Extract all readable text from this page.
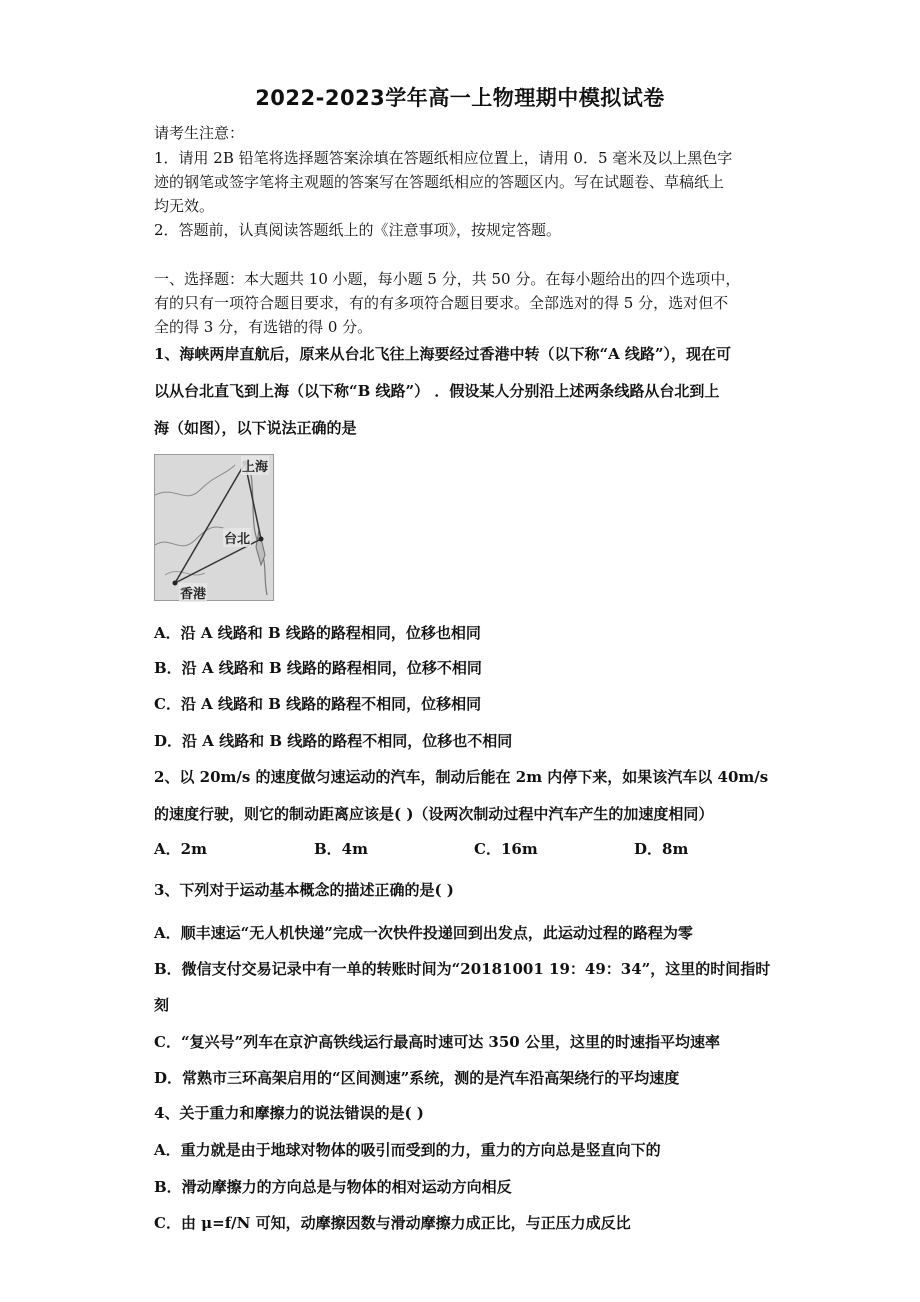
2022-2023学年高一上物理期中模拟试卷
请考生注意：
1．请用 2B 铅笔将选择题答案涂填在答题纸相应位置上，请用 0．5 毫米及以上黑色字
迹的钢笔或签字笔将主观题的答案写在答题纸相应的答题区内。写在试题卷、草稿纸上
均无效。
2．答题前，认真阅读答题纸上的《注意事项》，按规定答题。
一、选择题：本大题共 10 小题，每小题 5 分，共 50 分。在每小题给出的四个选项中，
有的只有一项符合题目要求，有的有多项符合题目要求。全部选对的得 5 分，选对但不
全的得 3 分，有选错的得 0 分。
1、海峡两岸直航后，原来从台北飞往上海要经过香港中转（以下称“A 线路”），现在可
以从台北直飞到上海（以下称“B 线路”） ．假设某人分别沿上述两条线路从台北到上
海（如图），以下说法正确的是
上海
台北
香港
A．沿 A 线路和 B 线路的路程相同，位移也相同
B．沿 A 线路和 B 线路的路程相同，位移不相同
C．沿 A 线路和 B 线路的路程不相同，位移相同
D．沿 A 线路和 B 线路的路程不相同，位移也不相同
2、以 20m/s 的速度做匀速运动的汽车，制动后能在 2m 内停下来，如果该汽车以 40m/s
的速度行驶，则它的制动距离应该是( )（设两次制动过程中汽车产生的加速度相同）
A．2m	B．4m	C．16m	D．8m
3、下列对于运动基本概念的描述正确的是( )
A．顺丰速运“无人机快递”完成一次快件投递回到出发点，此运动过程的路程为零
B．微信支付交易记录中有一单的转账时间为“20181001 19：49：34”，这里的时间指时
刻
C．“复兴号”列车在京沪高铁线运行最高时速可达 350 公里，这里的时速指平均速率
D．常熟市三环高架启用的“区间测速”系统，测的是汽车沿高架绕行的平均速度
4、关于重力和摩擦力的说法错误的是( )
A．重力就是由于地球对物体的吸引而受到的力，重力的方向总是竖直向下的
B．滑动摩擦力的方向总是与物体的相对运动方向相反
C．由 μ=f/N 可知，动摩擦因数与滑动摩擦力成正比，与正压力成反比
